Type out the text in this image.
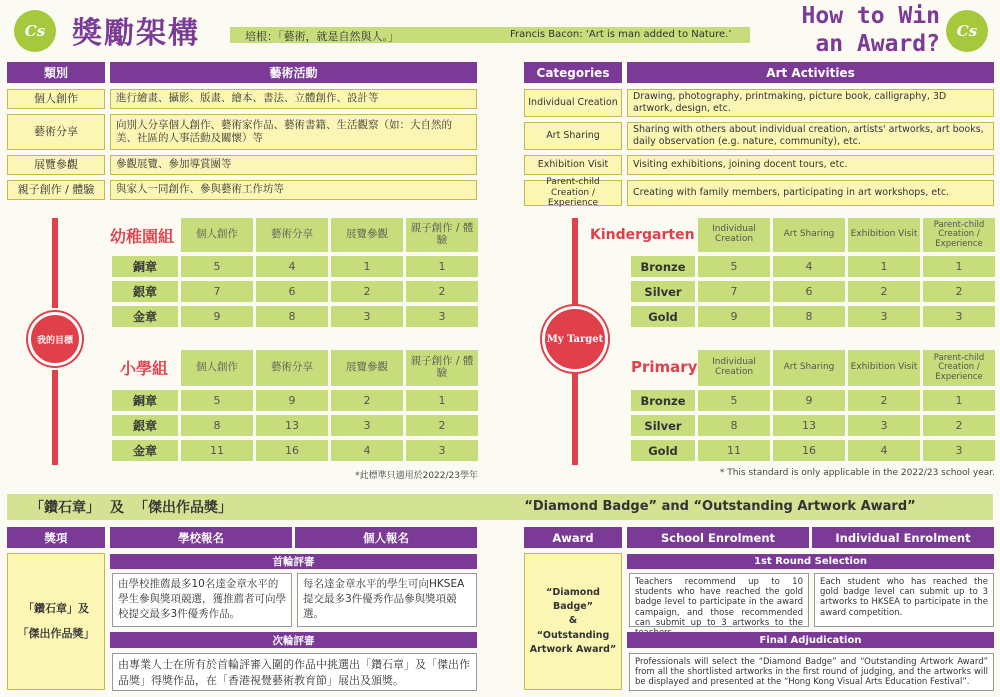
Cs 獎勵架構	培根：「藝術，就是自然與人。」	Francis Bacon: ‘Art is man added to Nature.’
How to Win
an Award? Cs
類別	藝術活動
個人創作	進行繪畫、攝影、版畫、繪本、書法、立體創作、設計等
藝術分享	向別人分享個人創作、藝術家作品、藝術書籍、生活觀察（如：大自然的美、社區的人事活動及關懷）等
展覽參觀	參觀展覽、參加導賞團等
親子創作 / 體驗	與家人一同創作、參與藝術工作坊等
Categories	Art Activities
Individual Creation	Drawing, photography, printmaking, picture book, calligraphy, 3D artwork, design, etc.
Art Sharing	Sharing with others about individual creation, artists' artworks, art books, daily observation (e.g. nature, community), etc.
Exhibition Visit	Visiting exhibitions, joining docent tours, etc.
Parent-child Creation / Experience
Creating with family members, participating in art workshops, etc.
我的目標
幼稚園組	個人創作	藝術分享	展覽參觀	親子創作 / 體驗
銅章	5	4	1	1
銀章	7	6	2	2
金章	9	8	3	3
小學組	個人創作	藝術分享	展覽參觀	親子創作 / 體驗
銅章	5	9	2	1
銀章	8	13	3	2
金章	11	16	4	3
*此標準只適用於2022/23學年
My Target
Kindergarten	Individual Creation	Art Sharing	Exhibition Visit
Parent-child Creation / Experience
Bronze	5	4	1	1
Silver	7	6	2	2
Gold	9	8	3	3
Primary	Individual Creation	Art Sharing	Exhibition Visit
Parent-child Creation / Experience
Bronze	5	9	2	1
Silver	8	13	3	2
Gold	11	16	4	3
* This standard is only applicable in the 2022/23 school year.
「鑽石章」 及 「傑出作品獎」	“Diamond Badge” and “Outstanding Artwork Award”
獎項	學校報名	個人報名
「鑽石章」及
「傑出作品獎」
首輪評審
由學校推薦最多10名達金章水平的學生參與獎項競選，獲推薦者可向學校提交最多3件優秀作品。
每名達金章水平的學生可向HKSEA提交最多3件優秀作品參與獎項競選。
次輪評審
由專業人士在所有於首輪評審入圍的作品中挑選出「鑽石章」及「傑出作品獎」得獎作品，在「香港視覺藝術教育節」展出及頒獎。
Award	School Enrolment	Individual Enrolment
“Diamond Badge”
&
“Outstanding
Artwork Award”
1st Round Selection
Teachers recommend up to 10 students who have reached the gold badge level to participate in the award campaign, and those recommended can submit up to 3 artworks to the
Each student who has reached the gold badge level can submit up to 3 artworks to HKSEA to participate in the award competition.
Final Adjudication
Professionals will select the “Diamond Badge” and “Outstanding Artwork Award” from all the shortlisted artworks in the first round of judging, and the artworks will be displayed and presented at the “Hong Kong Visual Arts Education Festival”.
